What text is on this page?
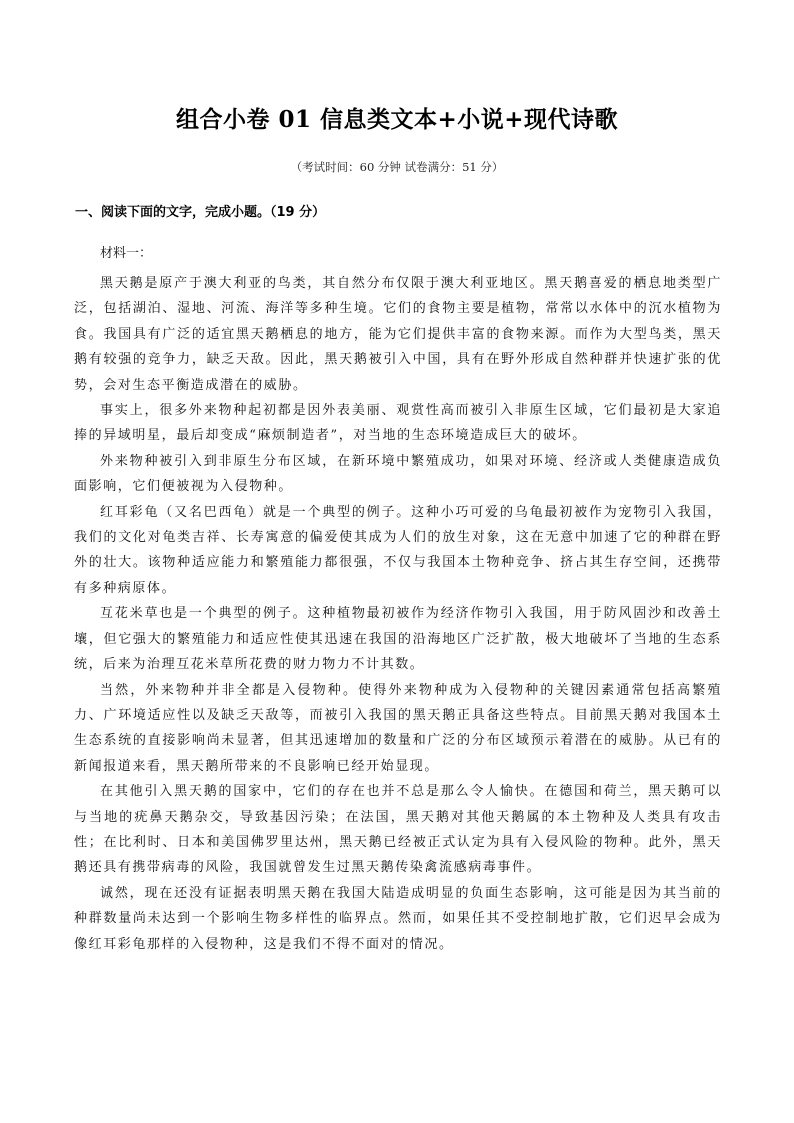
组合小卷 01 信息类文本+小说+现代诗歌
（考试时间：60 分钟 试卷满分：51 分）
一、阅读下面的文字，完成小题。（19 分）
材料一：

黑天鹅是原产于澳大利亚的鸟类，其自然分布仅限于澳大利亚地区。黑天鹅喜爱的栖息地类型广泛，包括湖泊、湿地、河流、海洋等多种生境。它们的食物主要是植物，常常以水体中的沉水植物为食。我国具有广泛的适宜黑天鹅栖息的地方，能为它们提供丰富的食物来源。而作为大型鸟类，黑天鹅有较强的竞争力，缺乏天敌。因此，黑天鹅被引入中国，具有在野外形成自然种群并快速扩张的优势，会对生态平衡造成潜在的威胁。

事实上，很多外来物种起初都是因外表美丽、观赏性高而被引入非原生区域，它们最初是大家追捧的异域明星，最后却变成“麻烦制造者”，对当地的生态环境造成巨大的破坏。

外来物种被引入到非原生分布区域，在新环境中繁殖成功，如果对环境、经济或人类健康造成负面影响，它们便被视为入侵物种。

红耳彩龟（又名巴西龟）就是一个典型的例子。这种小巧可爱的乌龟最初被作为宠物引入我国，我们的文化对龟类吉祥、长寿寓意的偏爱使其成为人们的放生对象，这在无意中加速了它的种群在野外的壮大。该物种适应能力和繁殖能力都很强，不仅与我国本土物种竞争、挤占其生存空间，还携带有多种病原体。

互花米草也是一个典型的例子。这种植物最初被作为经济作物引入我国，用于防风固沙和改善土壤，但它强大的繁殖能力和适应性使其迅速在我国的沿海地区广泛扩散，极大地破坏了当地的生态系统，后来为治理互花米草所花费的财力物力不计其数。

当然，外来物种并非全都是入侵物种。使得外来物种成为入侵物种的关键因素通常包括高繁殖力、广环境适应性以及缺乏天敌等，而被引入我国的黑天鹅正具备这些特点。目前黑天鹅对我国本土生态系统的直接影响尚未显著，但其迅速增加的数量和广泛的分布区域预示着潜在的威胁。从已有的新闻报道来看，黑天鹅所带来的不良影响已经开始显现。

在其他引入黑天鹅的国家中，它们的存在也并不总是那么令人愉快。在德国和荷兰，黑天鹅可以与当地的疣鼻天鹅杂交，导致基因污染；在法国，黑天鹅对其他天鹅属的本土物种及人类具有攻击性；在比利时、日本和美国佛罗里达州，黑天鹅已经被正式认定为具有入侵风险的物种。此外，黑天鹅还具有携带病毒的风险，我国就曾发生过黑天鹅传染禽流感病毒事件。

诚然，现在还没有证据表明黑天鹅在我国大陆造成明显的负面生态影响，这可能是因为其当前的种群数量尚未达到一个影响生物多样性的临界点。然而，如果任其不受控制地扩散，它们迟早会成为像红耳彩龟那样的入侵物种，这是我们不得不面对的情况。
